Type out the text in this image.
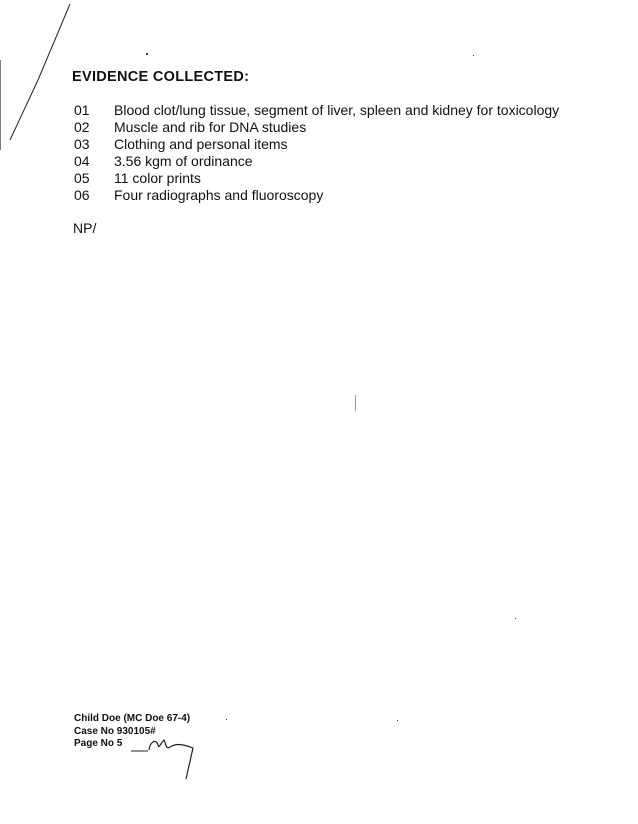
EVIDENCE COLLECTED:
01	Blood clot/lung tissue, segment of liver, spleen and kidney for toxicology
02	Muscle and rib for DNA studies
03	Clothing and personal items
04	3.56 kgm of ordinance
05	11 color prints
06	Four radiographs and fluoroscopy
NP/
Child Doe (MC Doe 67-4)
Case No 930105#
Page No 5
